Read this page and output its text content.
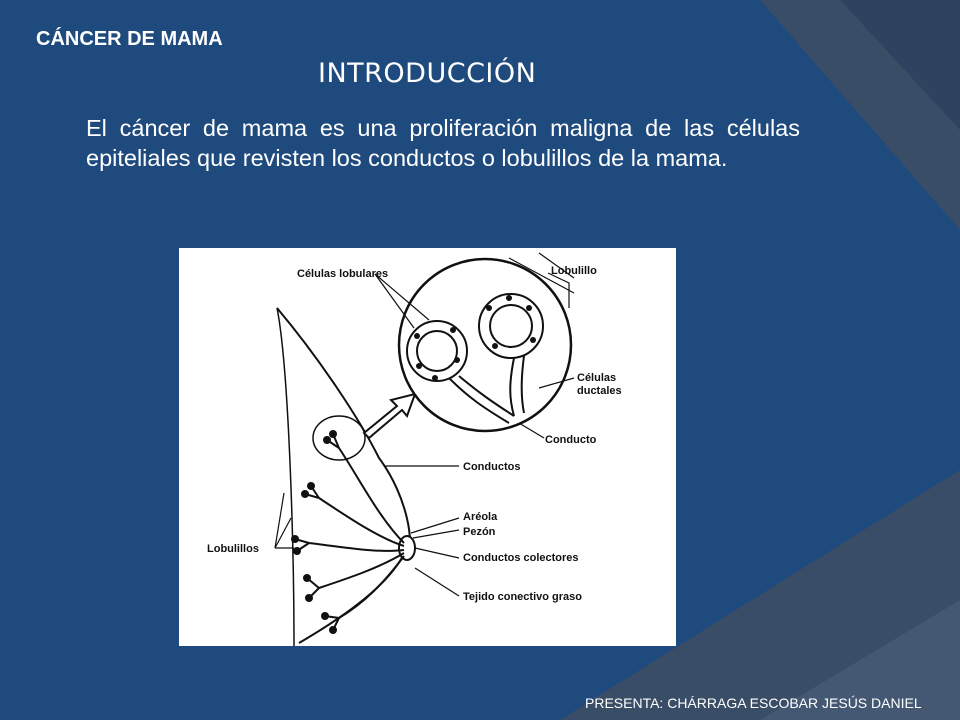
CÁNCER DE MAMA
INTRODUCCIÓN
El cáncer de mama es una proliferación maligna de las células epiteliales que revisten los conductos o lobulillos de la mama.
Células lobulares	Lobulillo
Células
ductales
Conducto
Conductos
Aréola
Pezón
Conductos colectores
Tejido conectivo graso
Lobulillos
PRESENTA: CHÁRRAGA ESCOBAR JESÚS DANIEL
